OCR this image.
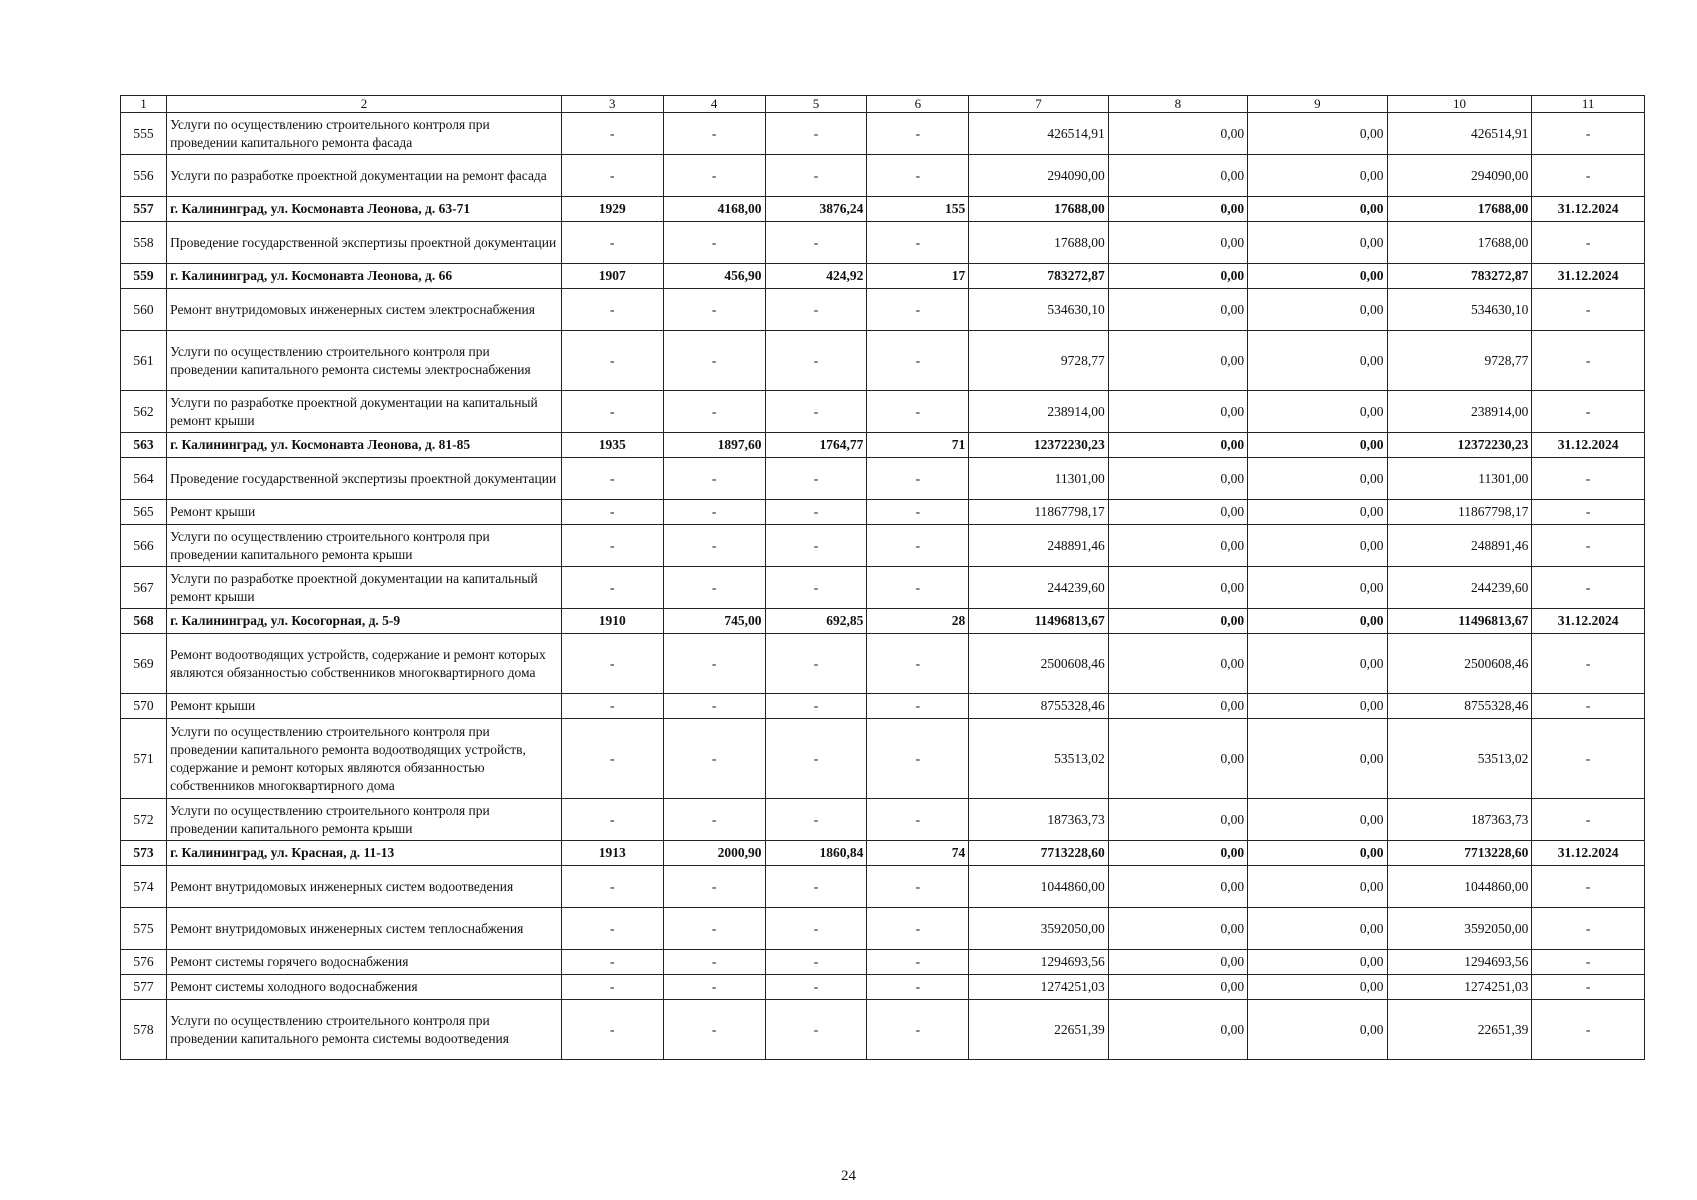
1	2	3	4	5	6	7	8	9	10	11
555	Услуги по осуществлению строительного контроля при проведении капитального ремонта фасада	-	-	-	-	426514,91	0,00	0,00	426514,91	-
556	Услуги по разработке проектной документации на ремонт фасада	-	-	-	-	294090,00	0,00	0,00	294090,00	-
557	г. Калининград, ул. Космонавта Леонова, д. 63-71	1929	4168,00	3876,24	155	17688,00	0,00	0,00	17688,00	31.12.2024
558	Проведение государственной экспертизы проектной документации	-	-	-	-	17688,00	0,00	0,00	17688,00	-
559	г. Калининград, ул. Космонавта Леонова, д. 66	1907	456,90	424,92	17	783272,87	0,00	0,00	783272,87	31.12.2024
560	Ремонт внутридомовых инженерных систем электроснабжения	-	-	-	-	534630,10	0,00	0,00	534630,10	-
561	Услуги по осуществлению строительного контроля при проведении капитального ремонта системы электроснабжения	-	-	-	-	9728,77	0,00	0,00	9728,77	-
562	Услуги по разработке проектной документации на капитальный ремонт крыши	-	-	-	-	238914,00	0,00	0,00	238914,00	-
563	г. Калининград, ул. Космонавта Леонова, д. 81-85	1935	1897,60	1764,77	71	12372230,23	0,00	0,00	12372230,23	31.12.2024
564	Проведение государственной экспертизы проектной документации	-	-	-	-	11301,00	0,00	0,00	11301,00	-
565	Ремонт крыши	-	-	-	-	11867798,17	0,00	0,00	11867798,17	-
566	Услуги по осуществлению строительного контроля при проведении капитального ремонта крыши	-	-	-	-	248891,46	0,00	0,00	248891,46	-
567	Услуги по разработке проектной документации на капитальный ремонт крыши	-	-	-	-	244239,60	0,00	0,00	244239,60	-
568	г. Калининград, ул. Косогорная, д. 5-9	1910	745,00	692,85	28	11496813,67	0,00	0,00	11496813,67	31.12.2024
569	Ремонт водоотводящих устройств, содержание и ремонт которых являются обязанностью собственников многоквартирного дома	-	-	-	-	2500608,46	0,00	0,00	2500608,46	-
570	Ремонт крыши	-	-	-	-	8755328,46	0,00	0,00	8755328,46	-
571	Услуги по осуществлению строительного контроля при проведении капитального ремонта водоотводящих устройств, содержание и ремонт которых являются обязанностью собственников многоквартирного дома	-	-	-	-	53513,02	0,00	0,00	53513,02	-
572	Услуги по осуществлению строительного контроля при проведении капитального ремонта крыши	-	-	-	-	187363,73	0,00	0,00	187363,73	-
573	г. Калининград, ул. Красная, д. 11-13	1913	2000,90	1860,84	74	7713228,60	0,00	0,00	7713228,60	31.12.2024
574	Ремонт внутридомовых инженерных систем водоотведения	-	-	-	-	1044860,00	0,00	0,00	1044860,00	-
575	Ремонт внутридомовых инженерных систем теплоснабжения	-	-	-	-	3592050,00	0,00	0,00	3592050,00	-
576	Ремонт системы горячего водоснабжения	-	-	-	-	1294693,56	0,00	0,00	1294693,56	-
577	Ремонт системы холодного водоснабжения	-	-	-	-	1274251,03	0,00	0,00	1274251,03	-
578	Услуги по осуществлению строительного контроля при проведении капитального ремонта системы водоотведения	-	-	-	-	22651,39	0,00	0,00	22651,39	-
24
